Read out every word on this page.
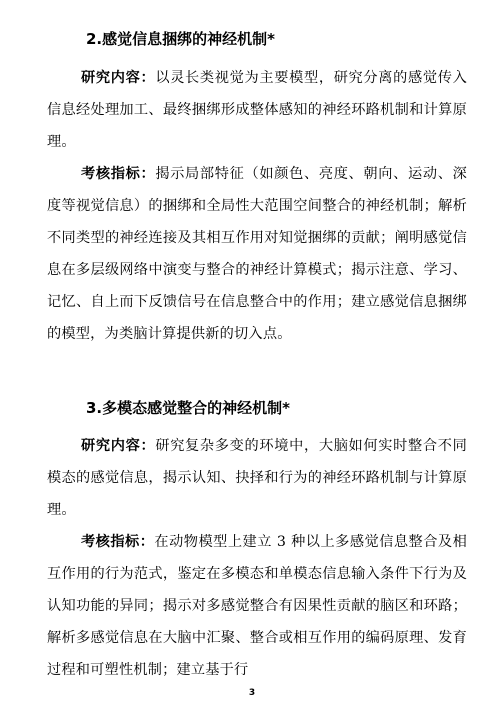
2.感觉信息捆绑的神经机制*

研究内容：以灵长类视觉为主要模型，研究分离的感觉传入信息经处理加工、最终捆绑形成整体感知的神经环路机制和计算原理。

考核指标：揭示局部特征（如颜色、亮度、朝向、运动、深度等视觉信息）的捆绑和全局性大范围空间整合的神经机制；解析不同类型的神经连接及其相互作用对知觉捆绑的贡献；阐明感觉信息在多层级网络中演变与整合的神经计算模式；揭示注意、学习、记忆、自上而下反馈信号在信息整合中的作用；建立感觉信息捆绑的模型，为类脑计算提供新的切入点。

3.多模态感觉整合的神经机制*

研究内容：研究复杂多变的环境中，大脑如何实时整合不同模态的感觉信息，揭示认知、抉择和行为的神经环路机制与计算原理。

考核指标：在动物模型上建立 3 种以上多感觉信息整合及相互作用的行为范式，鉴定在多模态和单模态信息输入条件下行为及认知功能的异同；揭示对多感觉整合有因果性贡献的脑区和环路；解析多感觉信息在大脑中汇聚、整合或相互作用的编码原理、发育过程和可塑性机制；建立基于行

3
